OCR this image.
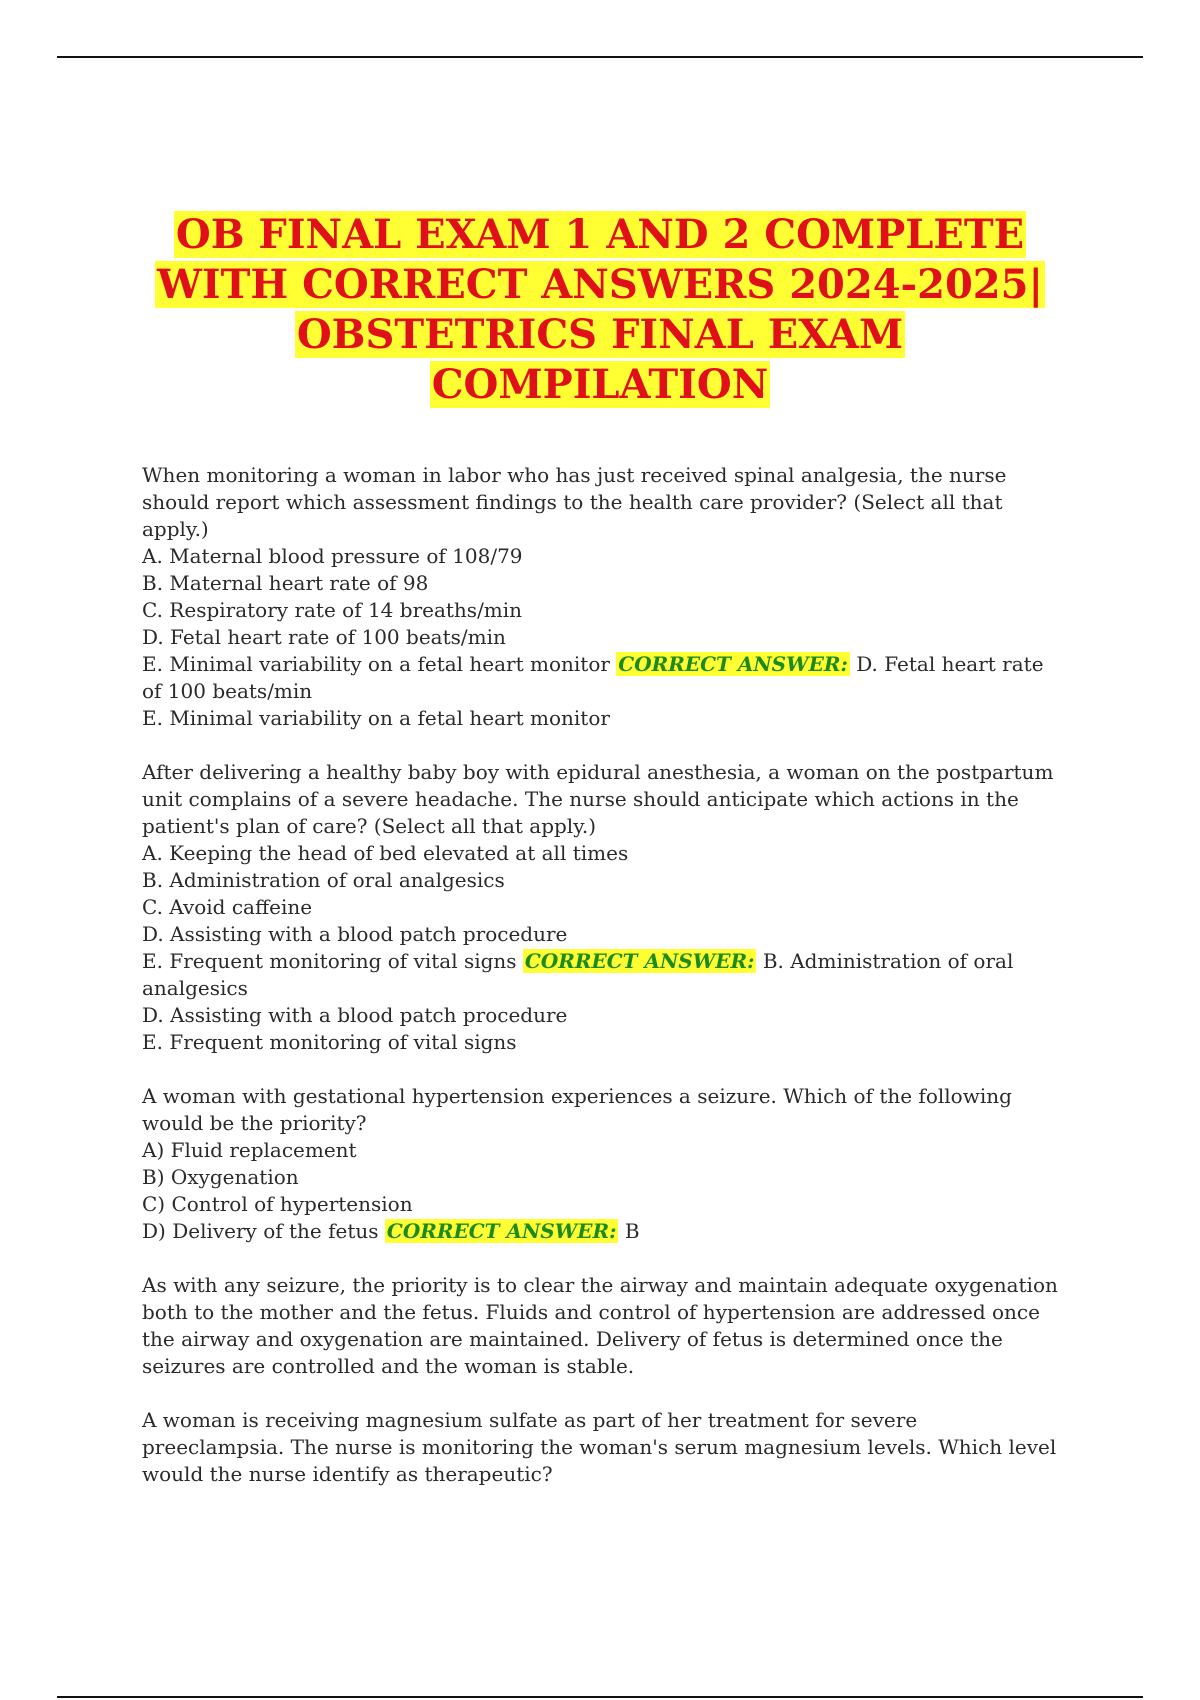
OB FINAL EXAM 1 AND 2 COMPLETE
WITH CORRECT ANSWERS 2024-2025|
OBSTETRICS FINAL EXAM
COMPILATION
When monitoring a woman in labor who has just received spinal analgesia, the nurse should report which assessment findings to the health care provider? (Select all that apply.)
A. Maternal blood pressure of 108/79
B. Maternal heart rate of 98
C. Respiratory rate of 14 breaths/min
D. Fetal heart rate of 100 beats/min
E. Minimal variability on a fetal heart monitor CORRECT ANSWER: D. Fetal heart rate of 100 beats/min
E. Minimal variability on a fetal heart monitor
After delivering a healthy baby boy with epidural anesthesia, a woman on the postpartum unit complains of a severe headache. The nurse should anticipate which actions in the patient's plan of care? (Select all that apply.)
A. Keeping the head of bed elevated at all times
B. Administration of oral analgesics
C. Avoid caffeine
D. Assisting with a blood patch procedure
E. Frequent monitoring of vital signs CORRECT ANSWER: B. Administration of oral analgesics
D. Assisting with a blood patch procedure
E. Frequent monitoring of vital signs
A woman with gestational hypertension experiences a seizure. Which of the following would be the priority?
A) Fluid replacement
B) Oxygenation
C) Control of hypertension
D) Delivery of the fetus CORRECT ANSWER: B
As with any seizure, the priority is to clear the airway and maintain adequate oxygenation both to the mother and the fetus. Fluids and control of hypertension are addressed once the airway and oxygenation are maintained. Delivery of fetus is determined once the seizures are controlled and the woman is stable.
A woman is receiving magnesium sulfate as part of her treatment for severe preeclampsia. The nurse is monitoring the woman's serum magnesium levels. Which level would the nurse identify as therapeutic?
